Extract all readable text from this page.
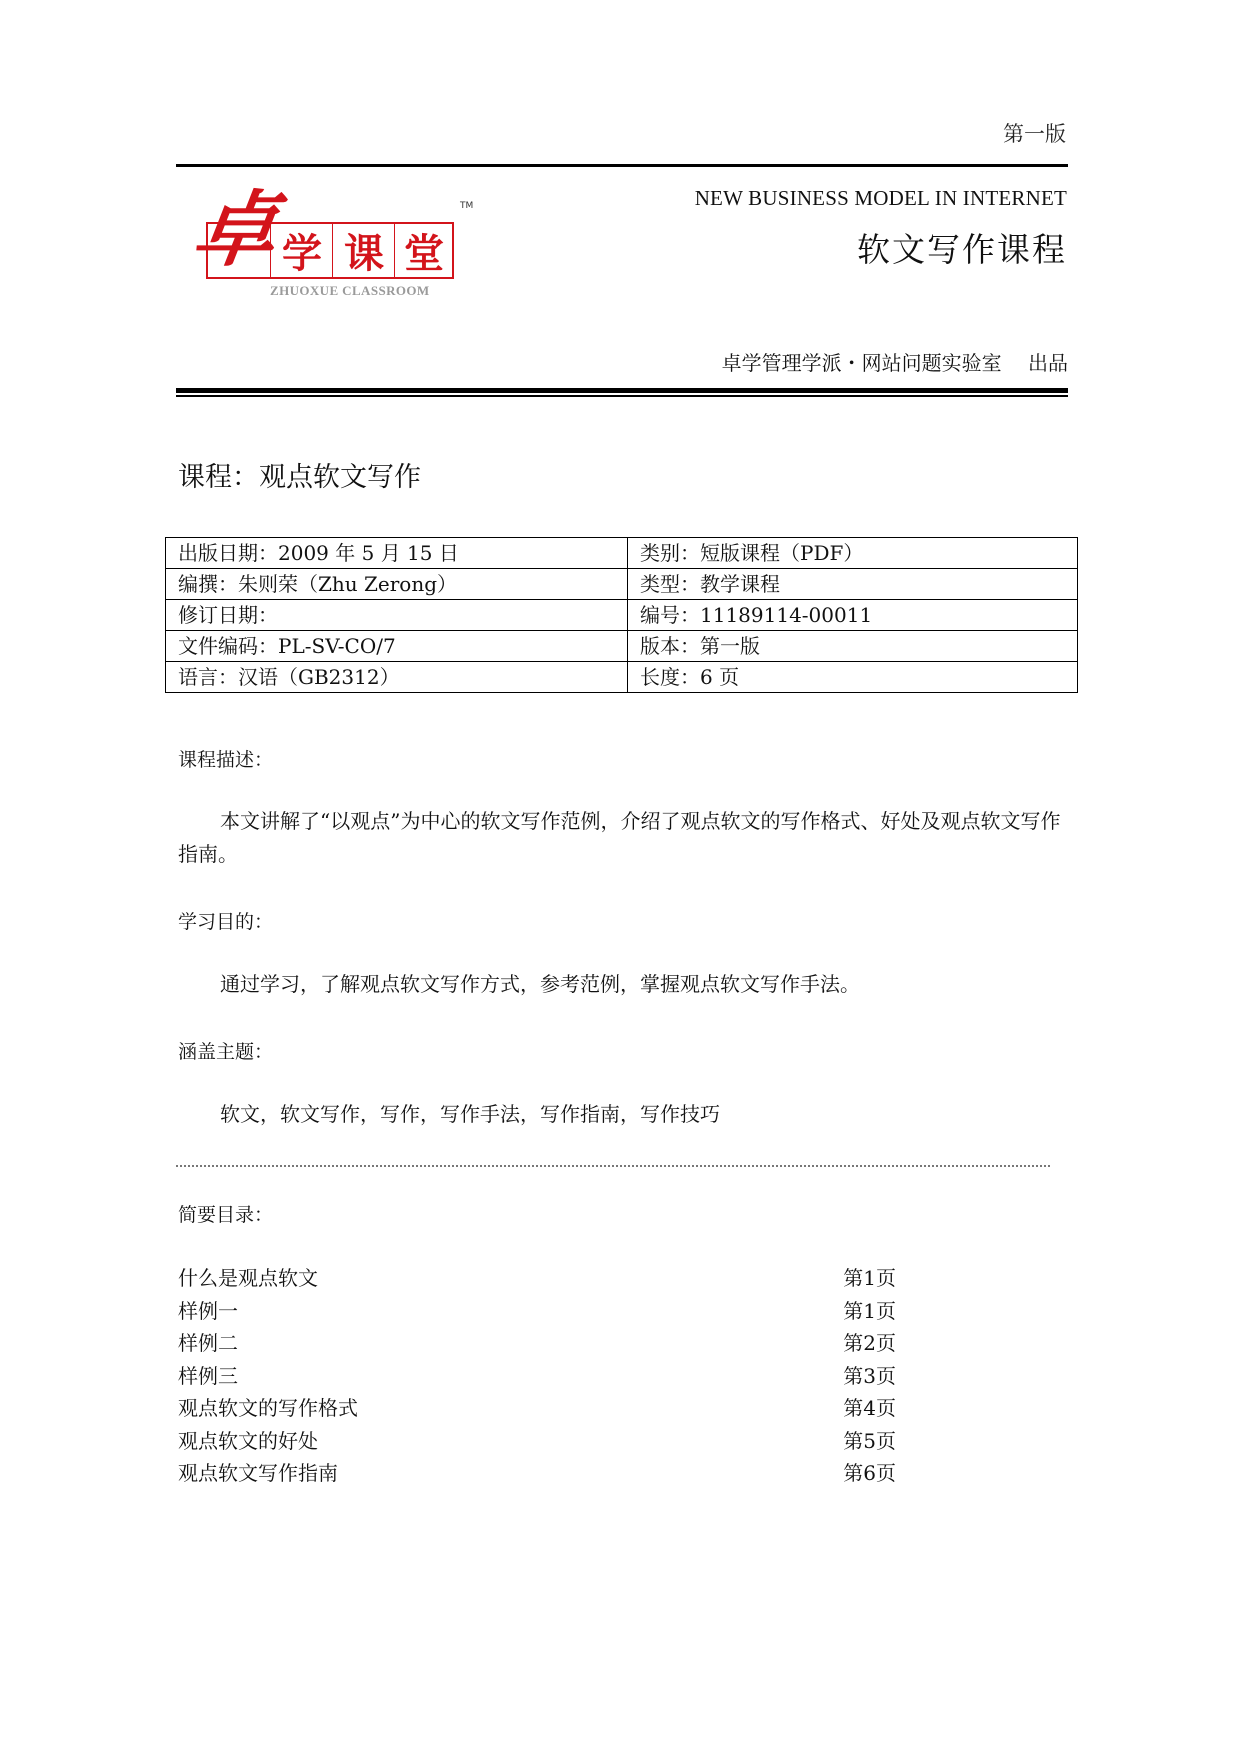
第一版
学 课 堂
卓	TM
ZHUOXUE CLASSROOM
NEW BUSINESS MODEL IN INTERNET
软文写作课程
卓学管理学派・网站问题实验室　 出品
课程：观点软文写作
出版日期：2009 年 5 月 15 日	类别：短版课程（PDF）
编撰：朱则荣（Zhu Zerong）	类型：教学课程
修订日期：	编号：11189114-00011
文件编码：PL-SV-CO/7	版本：第一版
语言：汉语（GB2312）	长度：6 页
课程描述：
本文讲解了“以观点”为中心的软文写作范例，介绍了观点软文的写作格式、好处及观点软文写作指南。
学习目的：
通过学习，了解观点软文写作方式，参考范例，掌握观点软文写作手法。
涵盖主题：
软文，软文写作，写作，写作手法，写作指南，写作技巧
简要目录：
什么是观点软文	第1页
样例一	第1页
样例二	第2页
样例三	第3页
观点软文的写作格式	第4页
观点软文的好处	第5页
观点软文写作指南	第6页
